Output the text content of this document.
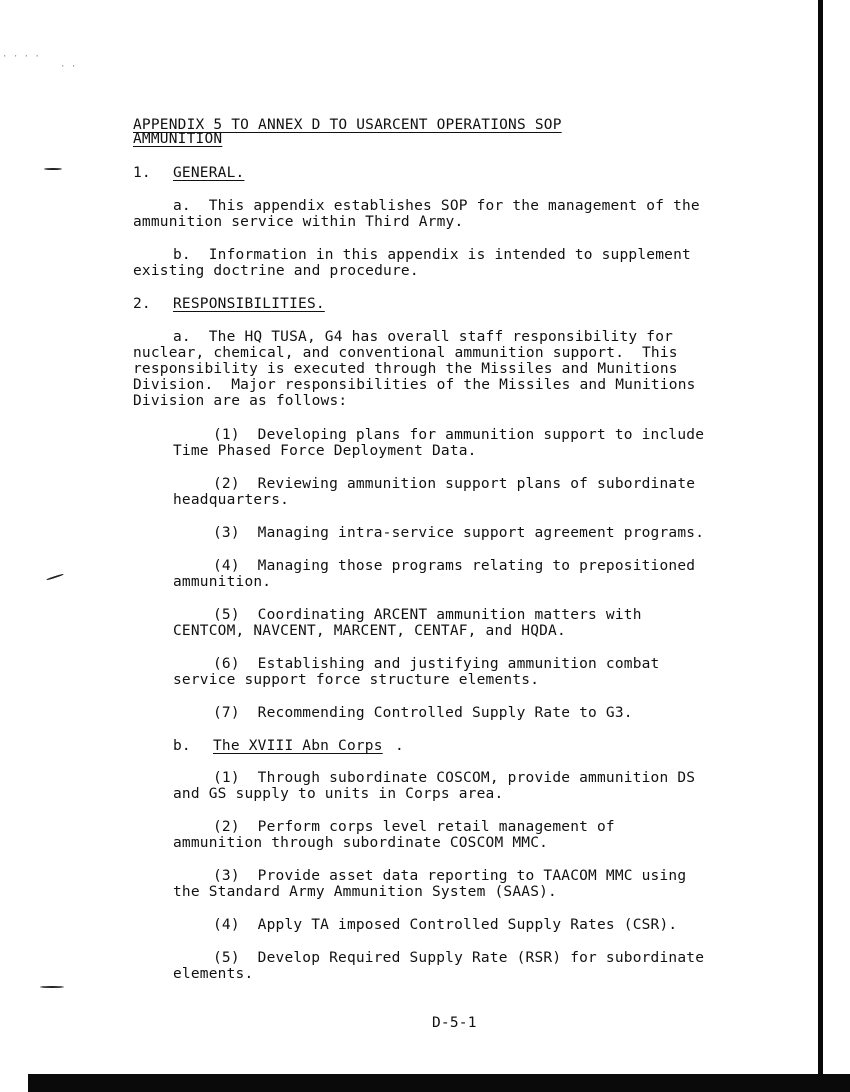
· · · ·
· ·
APPENDIX 5 TO ANNEX D TO USARCENT OPERATIONS SOP
AMMUNITION
1. GENERAL.
a.  This appendix establishes SOP for the management of the
ammunition service within Third Army.
b.  Information in this appendix is intended to supplement
existing doctrine and procedure.
2. RESPONSIBILITIES.
a.  The HQ TUSA, G4 has overall staff responsibility for
nuclear, chemical, and conventional ammunition support.  This
responsibility is executed through the Missiles and Munitions
Division.  Major responsibilities of the Missiles and Munitions
Division are as follows:
(1)  Developing plans for ammunition support to include
Time Phased Force Deployment Data.
(2)  Reviewing ammunition support plans of subordinate
headquarters.
(3)  Managing intra-service support agreement programs.
(4)  Managing those programs relating to prepositioned
ammunition.
(5)  Coordinating ARCENT ammunition matters with
CENTCOM, NAVCENT, MARCENT, CENTAF, and HQDA.
(6)  Establishing and justifying ammunition combat
service support force structure elements.
(7)  Recommending Controlled Supply Rate to G3.
b. The XVIII Abn Corps .
(1)  Through subordinate COSCOM, provide ammunition DS
and GS supply to units in Corps area.
(2)  Perform corps level retail management of
ammunition through subordinate COSCOM MMC.
(3)  Provide asset data reporting to TAACOM MMC using
the Standard Army Ammunition System (SAAS).
(4)  Apply TA imposed Controlled Supply Rates (CSR).
(5)  Develop Required Supply Rate (RSR) for subordinate
elements.
D-5-1
